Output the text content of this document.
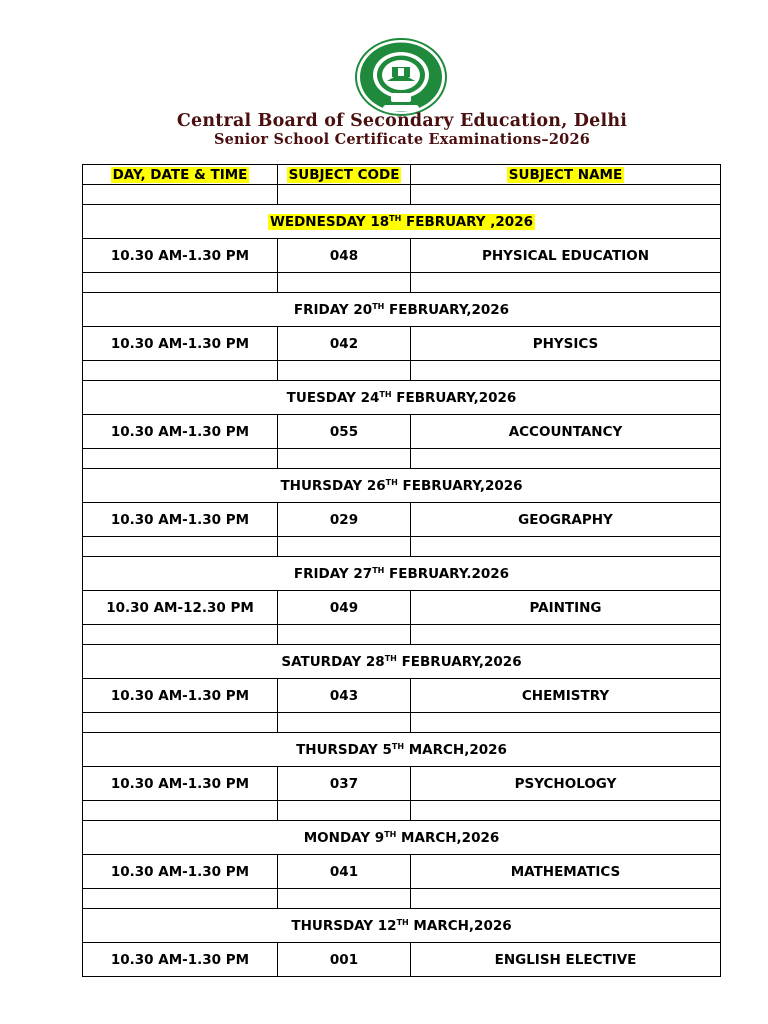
Central Board of Secondary Education, Delhi
Senior School Certificate Examinations–2026
DAY, DATE & TIME	SUBJECT CODE	SUBJECT NAME

WEDNESDAY 18TH FEBRUARY ,2026		
10.30 AM-1.30 PM	048	PHYSICAL EDUCATION

FRIDAY 20TH FEBRUARY,2026		
10.30 AM-1.30 PM	042	PHYSICS

TUESDAY 24TH FEBRUARY,2026		
10.30 AM-1.30 PM	055	ACCOUNTANCY

THURSDAY 26TH FEBRUARY,2026		
10.30 AM-1.30 PM	029	GEOGRAPHY

FRIDAY 27TH FEBRUARY.2026		
10.30 AM-12.30 PM	049	PAINTING

SATURDAY 28TH FEBRUARY,2026		
10.30 AM-1.30 PM	043	CHEMISTRY

THURSDAY 5TH MARCH,2026		
10.30 AM-1.30 PM	037	PSYCHOLOGY

MONDAY 9TH MARCH,2026		
10.30 AM-1.30 PM	041	MATHEMATICS

THURSDAY 12TH MARCH,2026		
10.30 AM-1.30 PM	001	ENGLISH ELECTIVE
